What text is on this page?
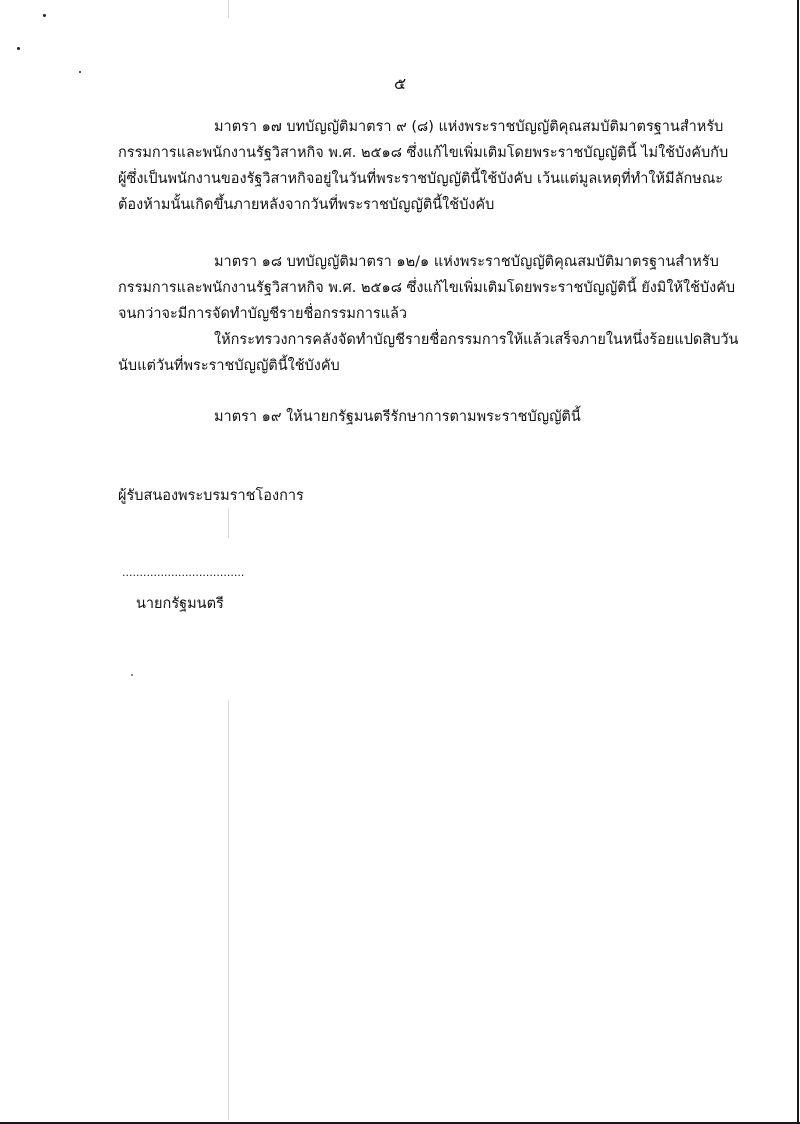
๕

มาตรา ๑๗ บทบัญญัติมาตรา ๙ (๘) แห่งพระราชบัญญัติคุณสมบัติมาตรฐานสำหรับ
กรรมการและพนักงานรัฐวิสาหกิจ พ.ศ. ๒๕๑๘ ซึ่งแก้ไขเพิ่มเติมโดยพระราชบัญญัตินี้ ไม่ใช้บังคับกับ
ผู้ซึ่งเป็นพนักงานของรัฐวิสาหกิจอยู่ในวันที่พระราชบัญญัตินี้ใช้บังคับ เว้นแต่มูลเหตุที่ทำให้มีลักษณะ
ต้องห้ามนั้นเกิดขึ้นภายหลังจากวันที่พระราชบัญญัตินี้ใช้บังคับ

มาตรา ๑๘ บทบัญญัติมาตรา ๑๒/๑ แห่งพระราชบัญญัติคุณสมบัติมาตรฐานสำหรับ
กรรมการและพนักงานรัฐวิสาหกิจ พ.ศ. ๒๕๑๘ ซึ่งแก้ไขเพิ่มเติมโดยพระราชบัญญัตินี้ ยังมิให้ใช้บังคับ
จนกว่าจะมีการจัดทำบัญชีรายชื่อกรรมการแล้ว
ให้กระทรวงการคลังจัดทำบัญชีรายชื่อกรรมการให้แล้วเสร็จภายในหนึ่งร้อยแปดสิบวัน
นับแต่วันที่พระราชบัญญัตินี้ใช้บังคับ

มาตรา ๑๙ ให้นายกรัฐมนตรีรักษาการตามพระราชบัญญัตินี้

ผู้รับสนองพระบรมราชโองการ
...................................
นายกรัฐมนตรี
